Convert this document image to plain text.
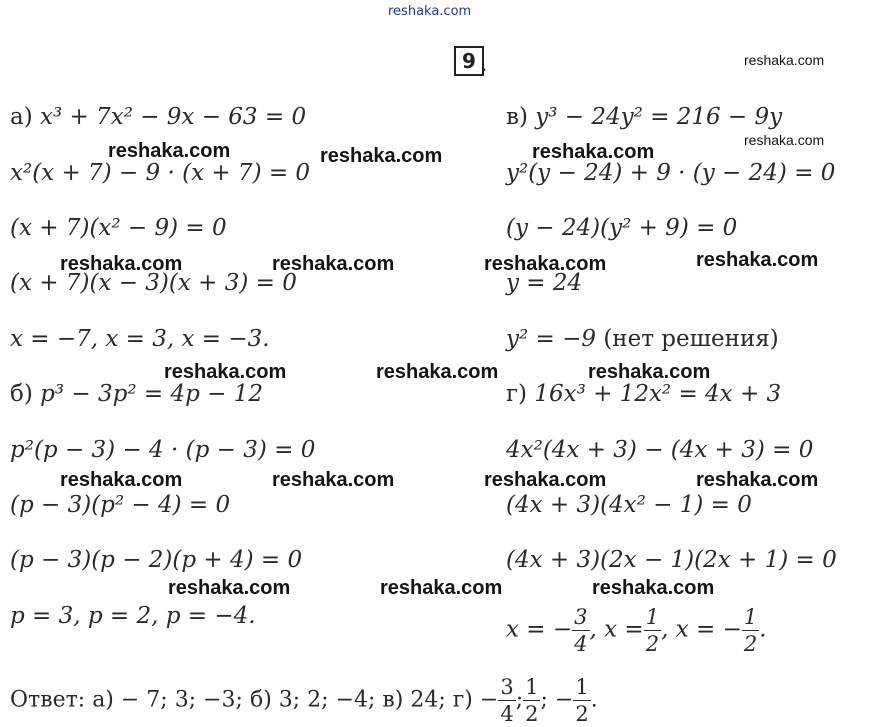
reshaka.com
9 .
а) x³ + 7x² − 9x − 63 = 0
x²(x + 7) − 9 · (x + 7) = 0
(x + 7)(x² − 9) = 0
(x + 7)(x − 3)(x + 3) = 0
x = −7, x = 3, x = −3.
б) p³ − 3p² = 4p − 12
p²(p − 3) − 4 · (p − 3) = 0
(p − 3)(p² − 4) = 0
(p − 3)(p − 2)(p + 4) = 0
p = 3, p = 2, p = −4.
в) y³ − 24y² = 216 − 9y
y²(y − 24) + 9 · (y − 24) = 0
(y − 24)(y² + 9) = 0
y = 24
y² = −9 (нет решения)
г) 16x³ + 12x² = 4x + 3
4x²(4x + 3) − (4x + 3) = 0
(4x + 3)(4x² − 1) = 0
(4x + 3)(2x − 1)(2x + 1) = 0
x = − $\frac{3}{4}$ , $x = \frac{1}{2}$ , x = − $\frac{1}{2}$ .
Ответ: а) − 7; 3; −3; б) 3; 2; −4; в) 24; $г) - \frac{3}{4}$ ; $\frac{1}{2}$ ; − $\frac{1}{2}$ .
reshaka.com
reshaka.com
reshaka.com	reshaka.com	reshaka.com
reshaka.com	reshaka.com	reshaka.com	reshaka.com
reshaka.com	reshaka.com	reshaka.com
reshaka.com	reshaka.com	reshaka.com	reshaka.com
reshaka.com	reshaka.com	reshaka.com
